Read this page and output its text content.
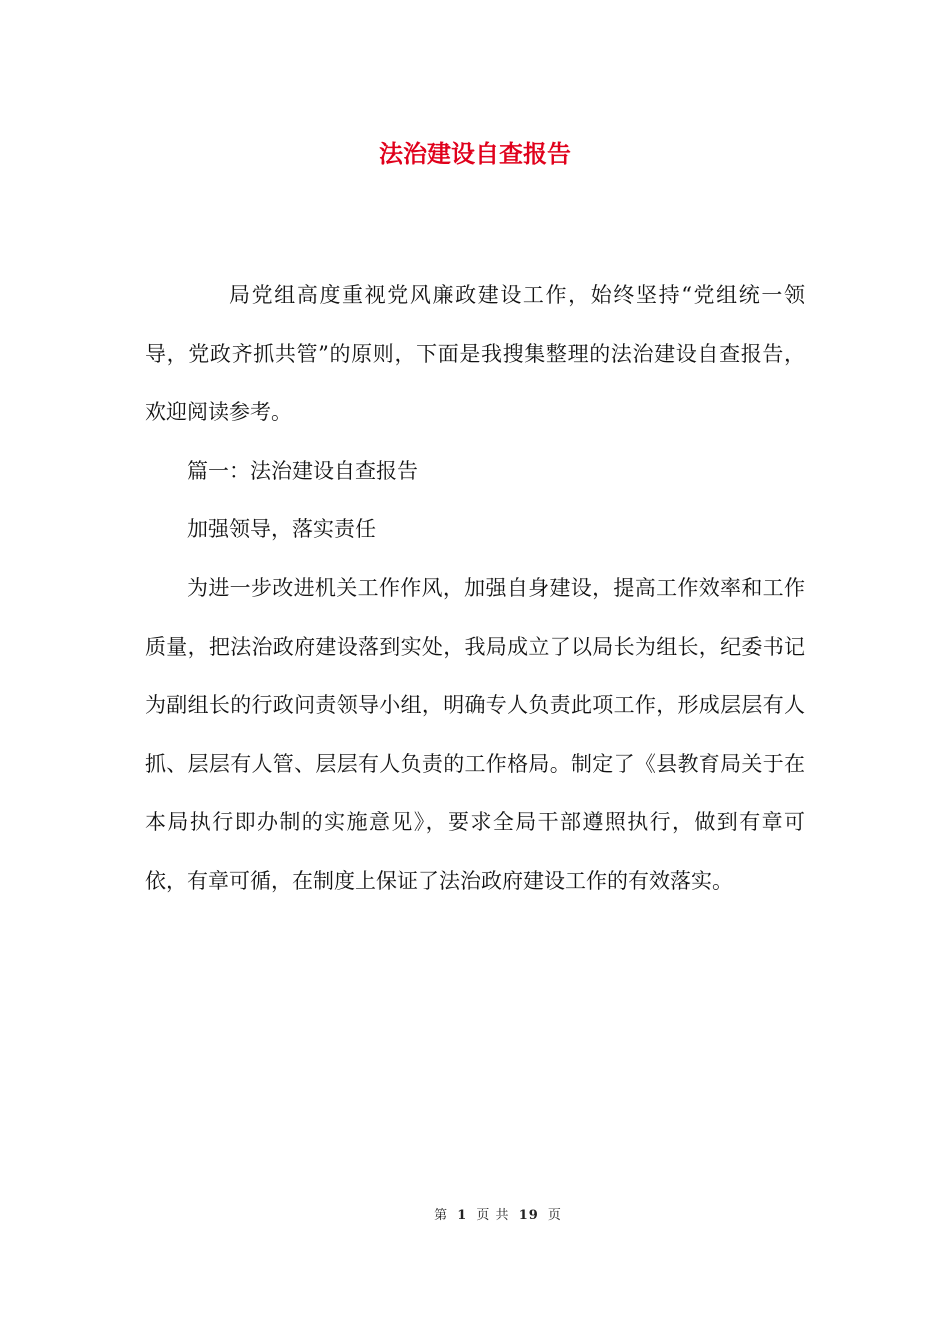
法治建设自查报告

局党组高度重视党风廉政建设工作，始终坚持“党组统一领导，党政齐抓共管”的原则，下面是我搜集整理的法治建设自查报告，欢迎阅读参考。

篇一：法治建设自查报告

加强领导，落实责任

为进一步改进机关工作作风，加强自身建设，提高工作效率和工作质量，把法治政府建设落到实处，我局成立了以局长为组长，纪委书记为副组长的行政问责领导小组，明确专人负责此项工作，形成层层有人抓、层层有人管、层层有人负责的工作格局。制定了《县教育局关于在本局执行即办制的实施意见》，要求全局干部遵照执行，做到有章可依，有章可循，在制度上保证了法治政府建设工作的有效落实。

第 1 页 共 19 页
